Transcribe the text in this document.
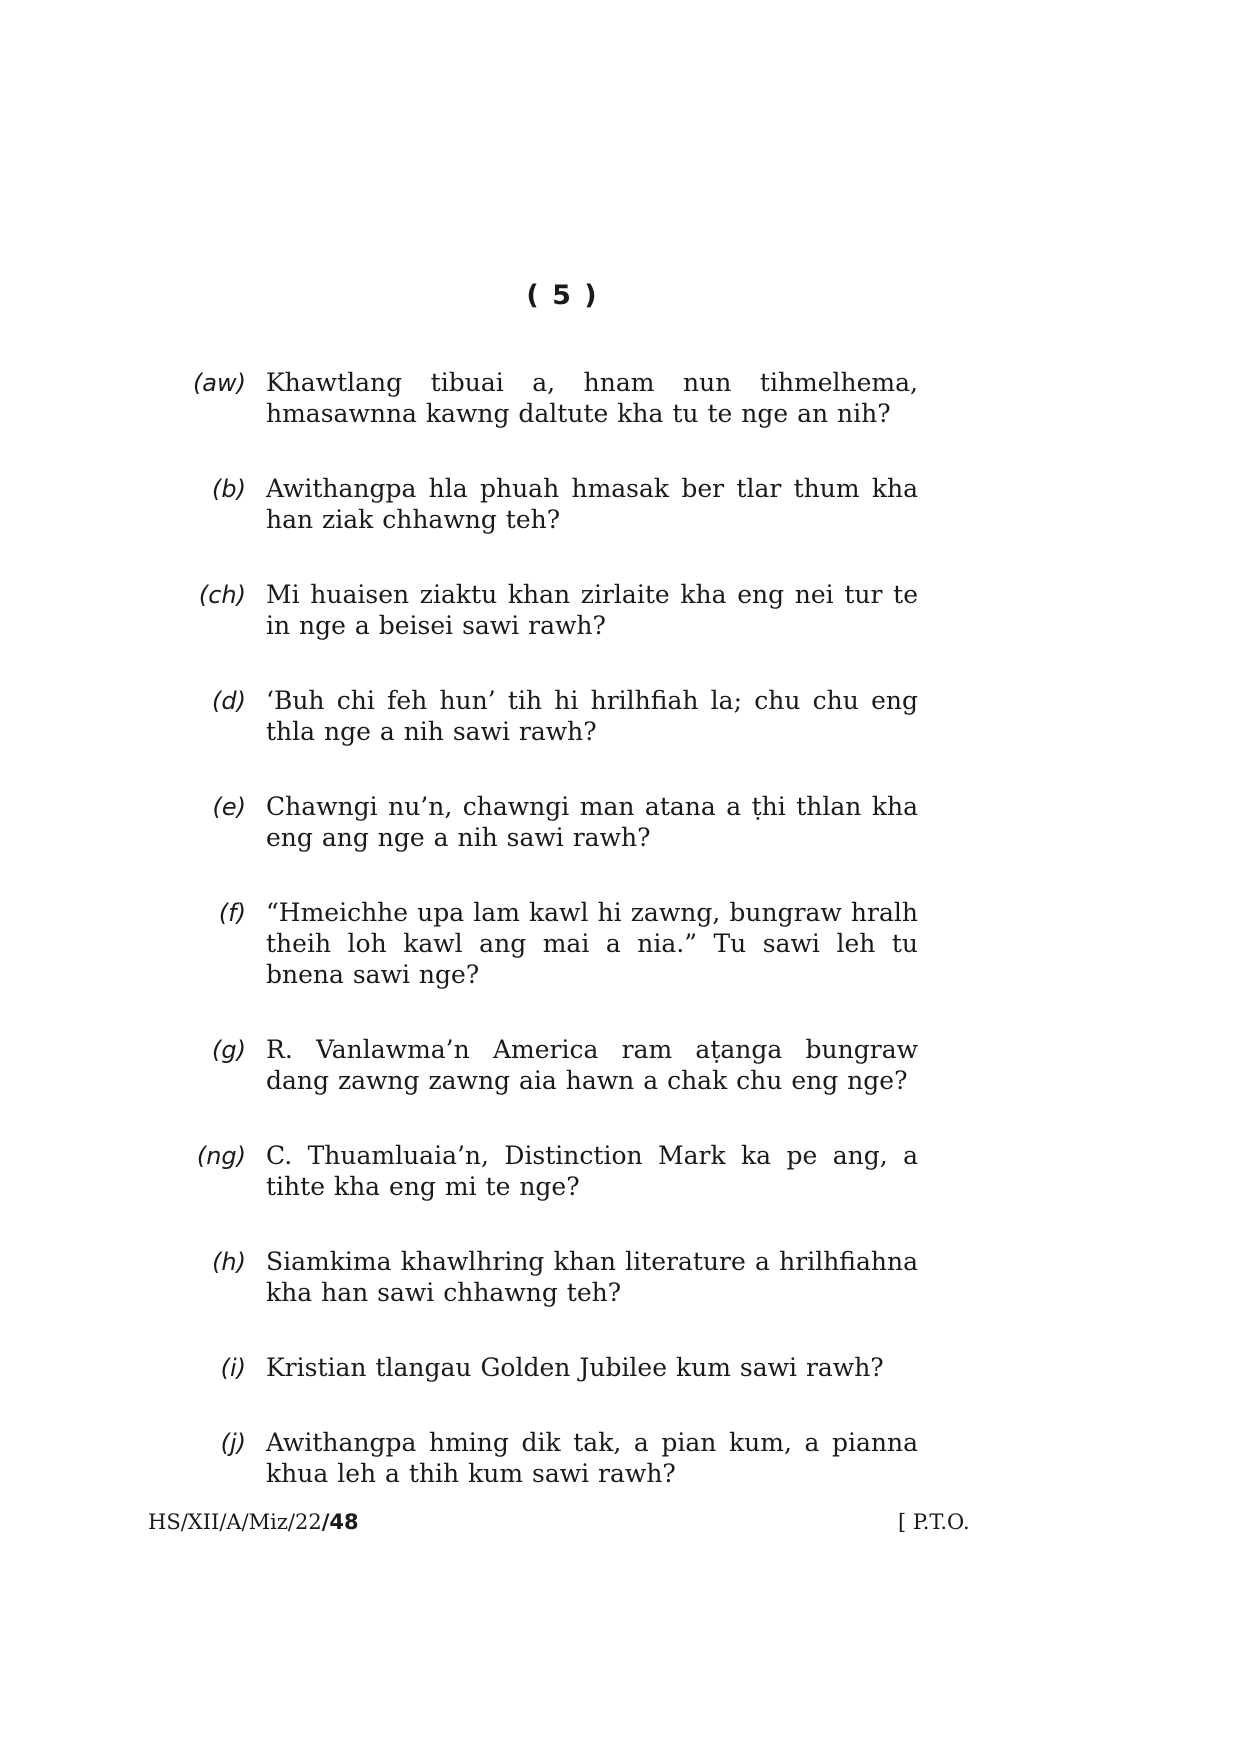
( 5 )
(aw) Khawtlang tibuai a, hnam nun tihmelhema, hmasawnna kawng daltute kha tu te nge an nih?
(b) Awithangpa hla phuah hmasak ber tlar thum kha han ziak chhawng teh?
(ch) Mi huaisen ziaktu khan zirlaite kha eng nei tur te in nge a beisei sawi rawh?
(d) ‘Buh chi feh hun’ tih hi hrilhfiah la; chu chu eng thla nge a nih sawi rawh?
(e) Chawngi nu’n, chawngi man atana a ṭhi thlan kha eng ang nge a nih sawi rawh?
(f) “Hmeichhe upa lam kawl hi zawng, bungraw hralh theih loh kawl ang mai a nia.” Tu sawi leh tu bnena sawi nge?
(g) R. Vanlawma’n America ram aṭanga bungraw dang zawng zawng aia hawn a chak chu eng nge?
(ng) C. Thuamluaia’n, Distinction Mark ka pe ang, a tihte kha eng mi te nge?
(h) Siamkima khawlhring khan literature a hrilhfiahna kha han sawi chhawng teh?
(i) Kristian tlangau Golden Jubilee kum sawi rawh?
(j) Awithangpa hming dik tak, a pian kum, a pianna khua leh a thih kum sawi rawh?
HS/XII/A/Miz/22/48	[ P.T.O.
